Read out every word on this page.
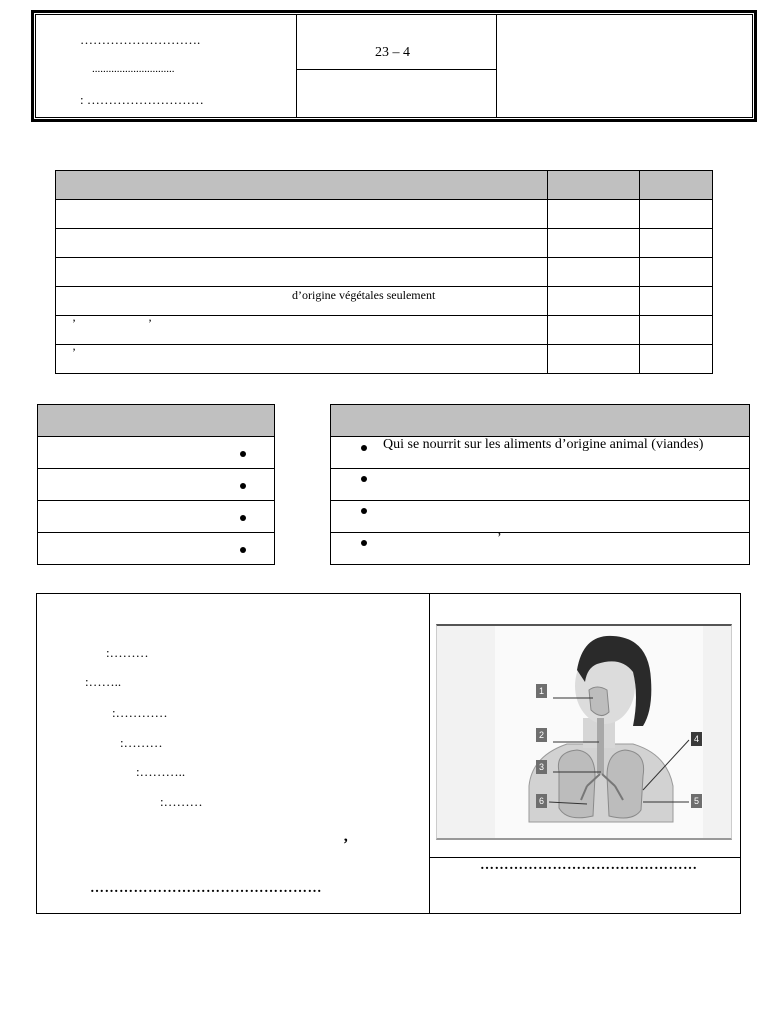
……………………….
..............................
: ………………………
23 – 4

d’origine végétales seulement		

’ ’		

’		

Qui se nourrit sur les aliments d’origine animal (viandes)

’
:………
:……..
:…………
:………
:………..
:………
’
…………………………………………
………………………………………
1
2
3
4
5
6
